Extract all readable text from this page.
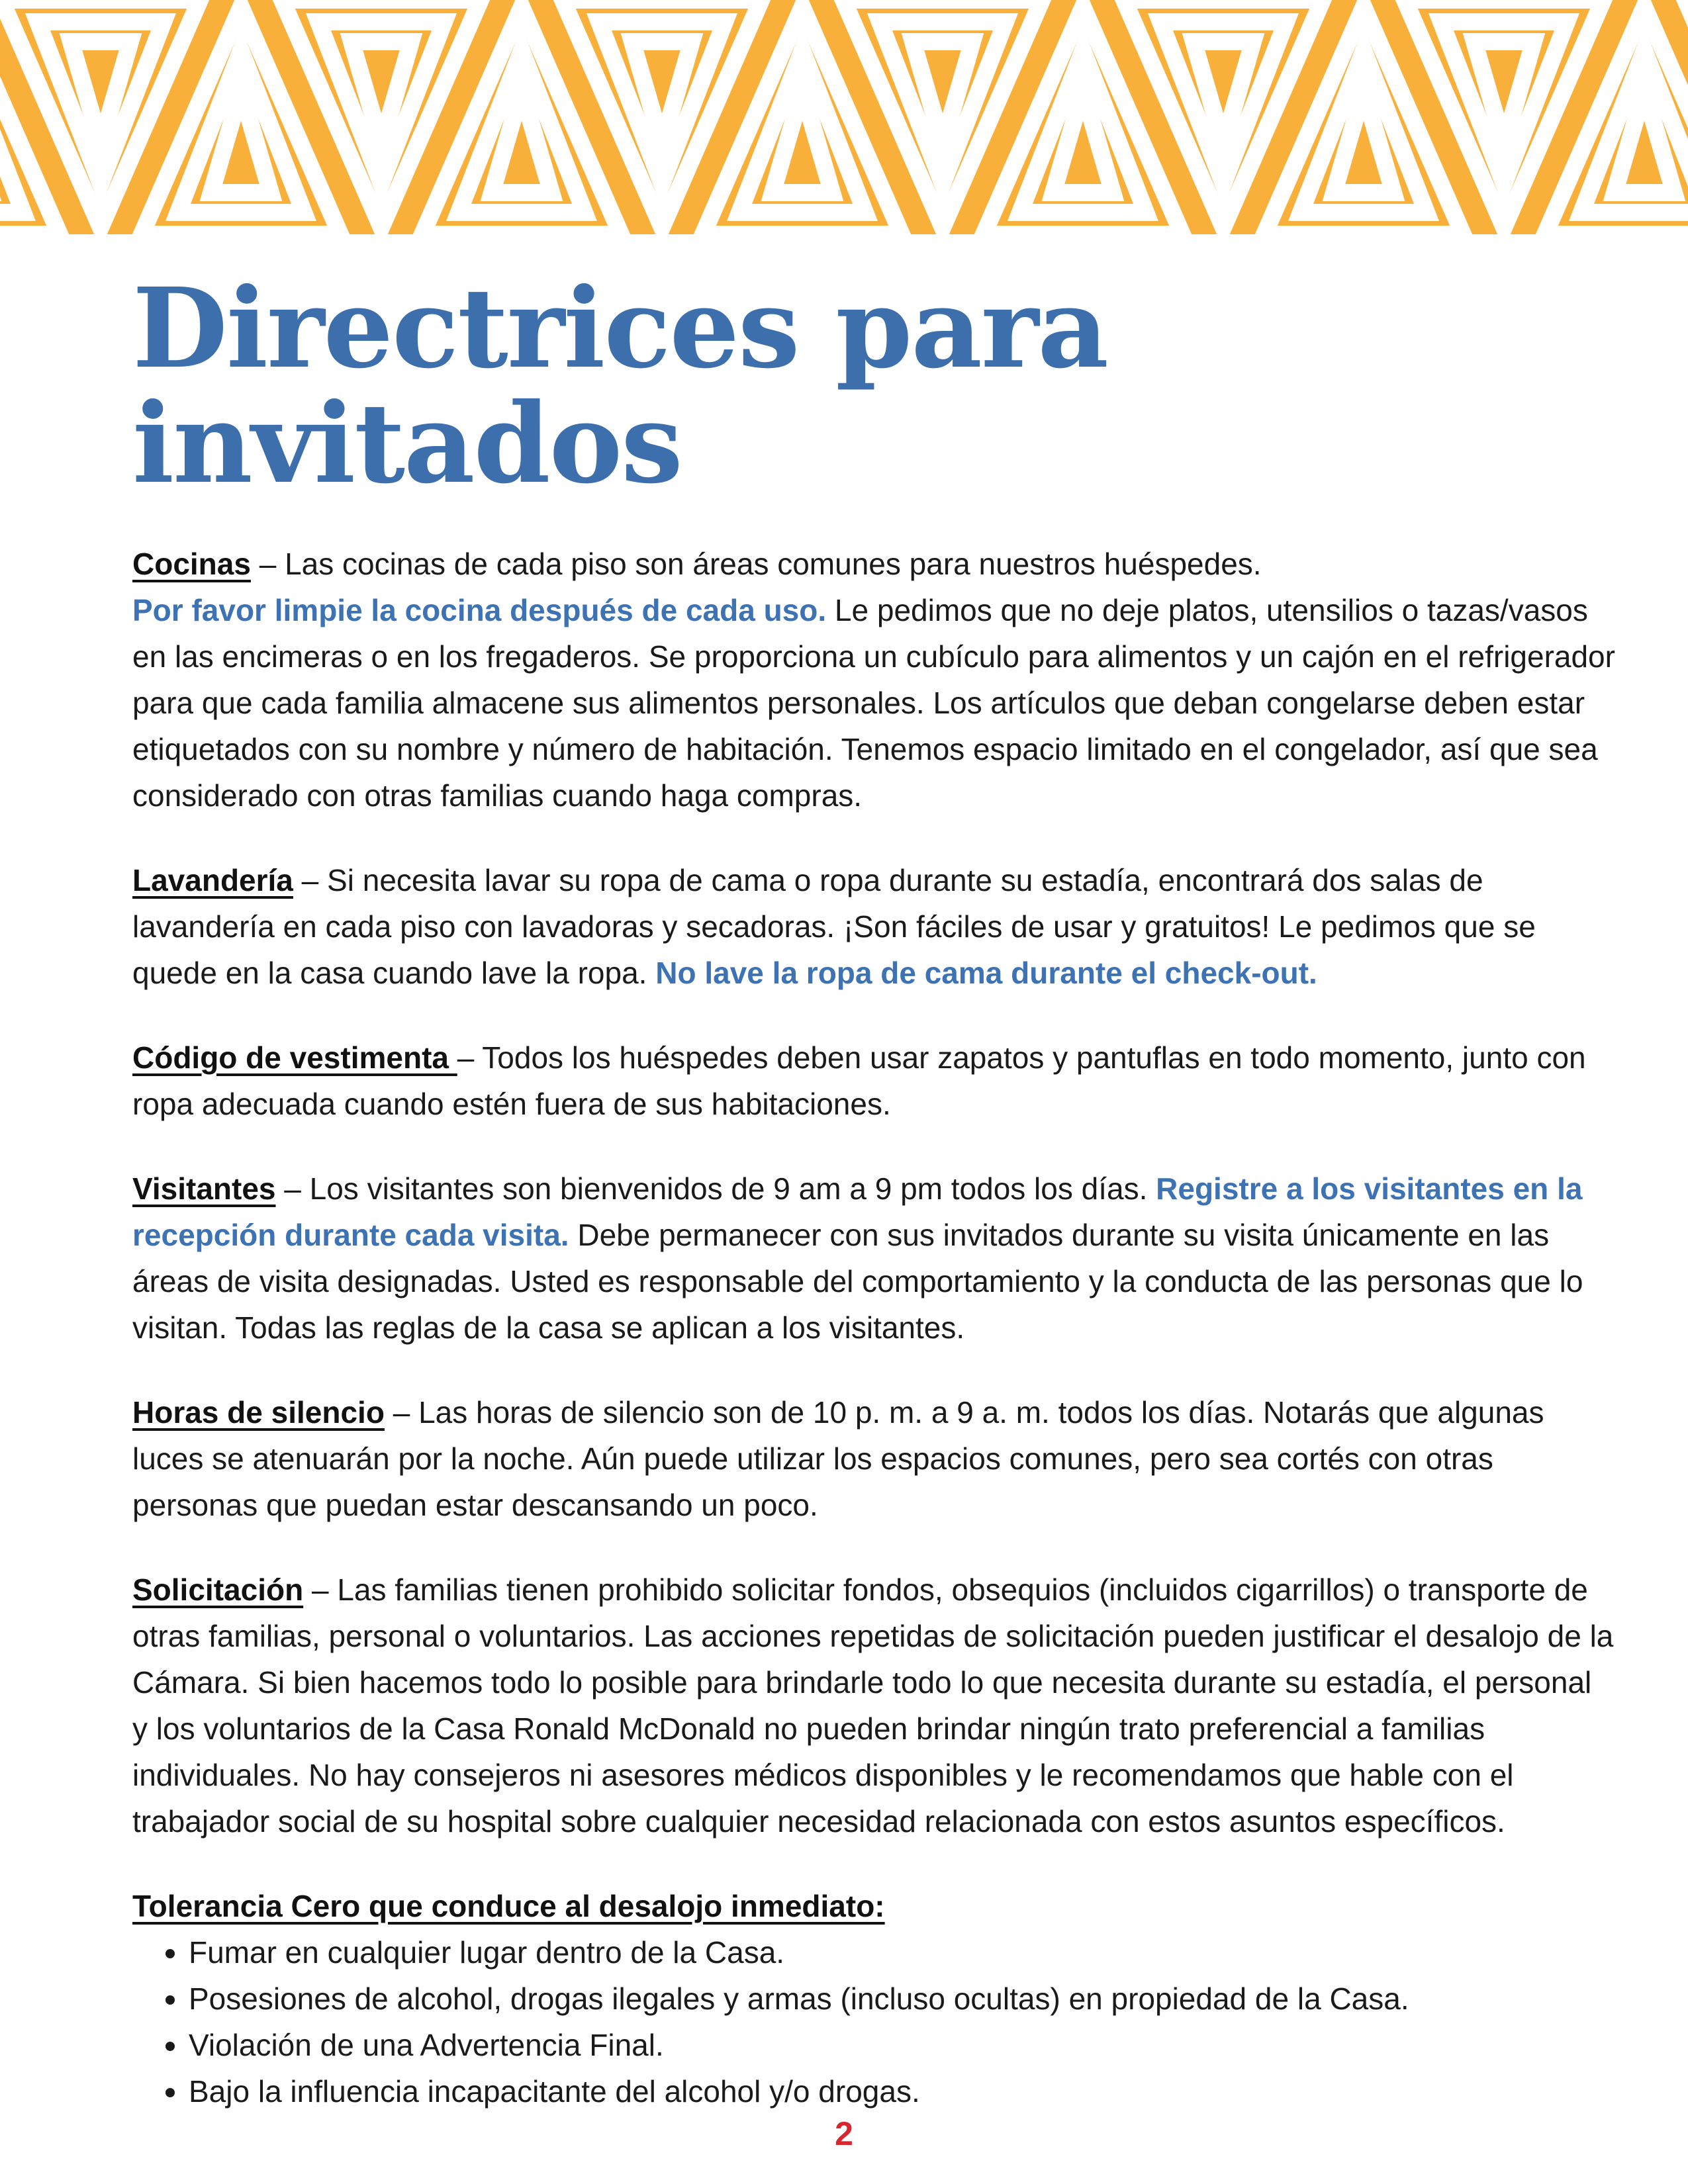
Directrices para invitados

Cocinas – Las cocinas de cada piso son áreas comunes para nuestros huéspedes.
Por favor limpie la cocina después de cada uso. Le pedimos que no deje platos, utensilios o tazas/vasos en las encimeras o en los fregaderos. Se proporciona un cubículo para alimentos y un cajón en el refrigerador para que cada familia almacene sus alimentos personales. Los artículos que deban congelarse deben estar etiquetados con su nombre y número de habitación. Tenemos espacio limitado en el congelador, así que sea considerado con otras familias cuando haga compras.

Lavandería – Si necesita lavar su ropa de cama o ropa durante su estadía, encontrará dos salas de lavandería en cada piso con lavadoras y secadoras. ¡Son fáciles de usar y gratuitos! Le pedimos que se quede en la casa cuando lave la ropa. No lave la ropa de cama durante el check-out.

Código de vestimenta – Todos los huéspedes deben usar zapatos y pantuflas en todo momento, junto con ropa adecuada cuando estén fuera de sus habitaciones.

Visitantes – Los visitantes son bienvenidos de 9 am a 9 pm todos los días. Registre a los visitantes en la recepción durante cada visita. Debe permanecer con sus invitados durante su visita únicamente en las áreas de visita designadas. Usted es responsable del comportamiento y la conducta de las personas que lo visitan. Todas las reglas de la casa se aplican a los visitantes.

Horas de silencio – Las horas de silencio son de 10 p. m. a 9 a. m. todos los días. Notarás que algunas luces se atenuarán por la noche. Aún puede utilizar los espacios comunes, pero sea cortés con otras personas que puedan estar descansando un poco.

Solicitación – Las familias tienen prohibido solicitar fondos, obsequios (incluidos cigarrillos) o transporte de otras familias, personal o voluntarios. Las acciones repetidas de solicitación pueden justificar el desalojo de la Cámara. Si bien hacemos todo lo posible para brindarle todo lo que necesita durante su estadía, el personal y los voluntarios de la Casa Ronald McDonald no pueden brindar ningún trato preferencial a familias individuales. No hay consejeros ni asesores médicos disponibles y le recomendamos que hable con el trabajador social de su hospital sobre cualquier necesidad relacionada con estos asuntos específicos.

Tolerancia Cero que conduce al desalojo inmediato:

• Fumar en cualquier lugar dentro de la Casa.
• Posesiones de alcohol, drogas ilegales y armas (incluso ocultas) en propiedad de la Casa.
• Violación de una Advertencia Final.
• Bajo la influencia incapacitante del alcohol y/o drogas.
2
